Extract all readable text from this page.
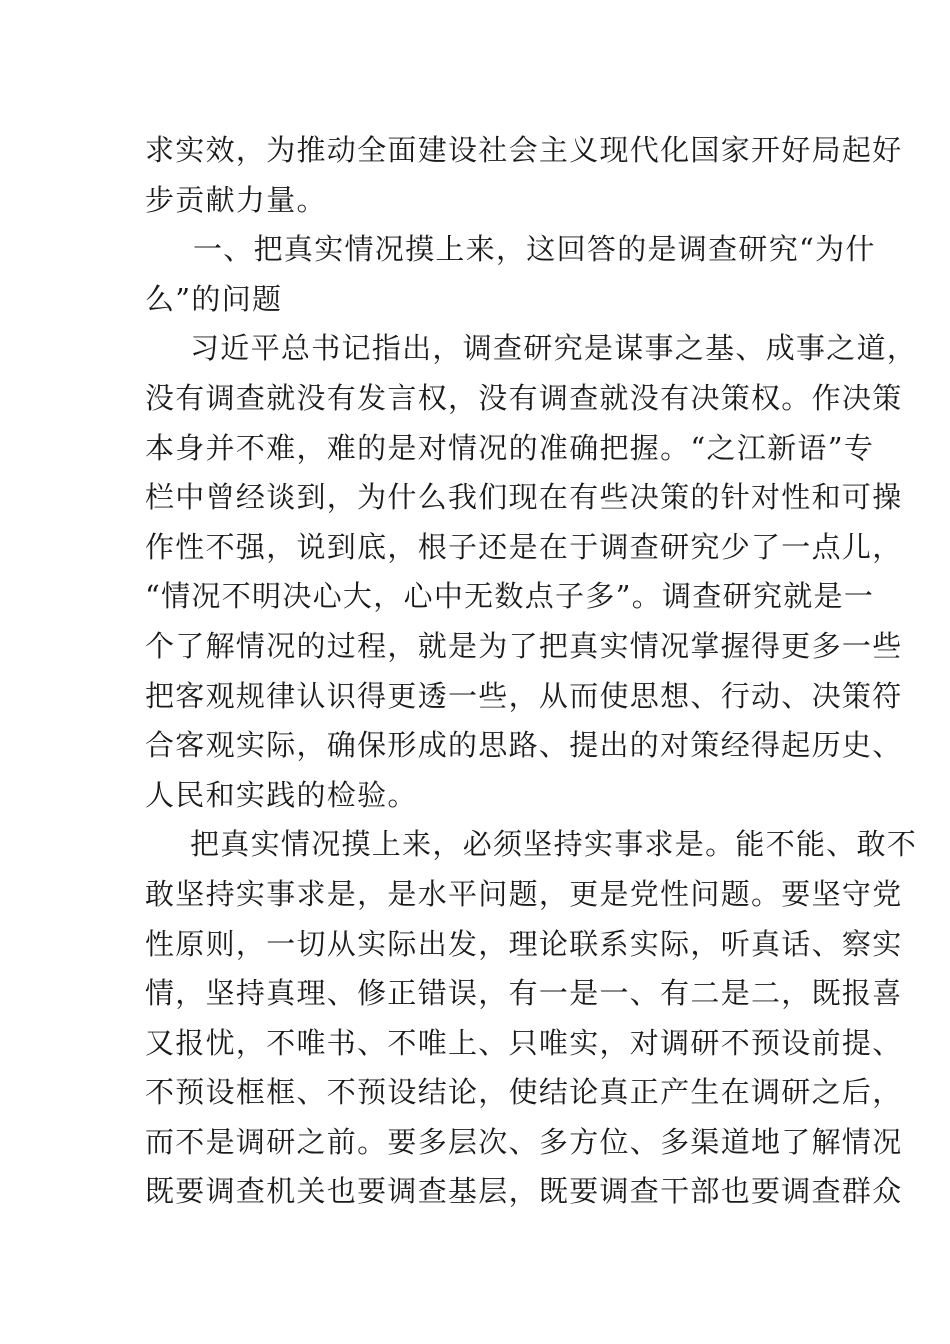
求实效，为推动全面建设社会主义现代化国家开好局起好
步贡献力量。
一、把真实情况摸上来，这回答的是调查研究“为什
么”的问题
习近平总书记指出，调查研究是谋事之基、成事之道，
没有调查就没有发言权，没有调查就没有决策权。作决策
本身并不难，难的是对情况的准确把握。“之江新语”专
栏中曾经谈到，为什么我们现在有些决策的针对性和可操
作性不强，说到底，根子还是在于调查研究少了一点儿，
“情况不明决心大，心中无数点子多”。调查研究就是一
个了解情况的过程，就是为了把真实情况掌握得更多一些
把客观规律认识得更透一些，从而使思想、行动、决策符
合客观实际，确保形成的思路、提出的对策经得起历史、
人民和实践的检验。
把真实情况摸上来，必须坚持实事求是。能不能、敢不
敢坚持实事求是，是水平问题，更是党性问题。要坚守党
性原则，一切从实际出发，理论联系实际，听真话、察实
情，坚持真理、修正错误，有一是一、有二是二，既报喜
又报忧，不唯书、不唯上、只唯实，对调研不预设前提、
不预设框框、不预设结论，使结论真正产生在调研之后，
而不是调研之前。要多层次、多方位、多渠道地了解情况
既要调查机关也要调查基层，既要调查干部也要调查群众
